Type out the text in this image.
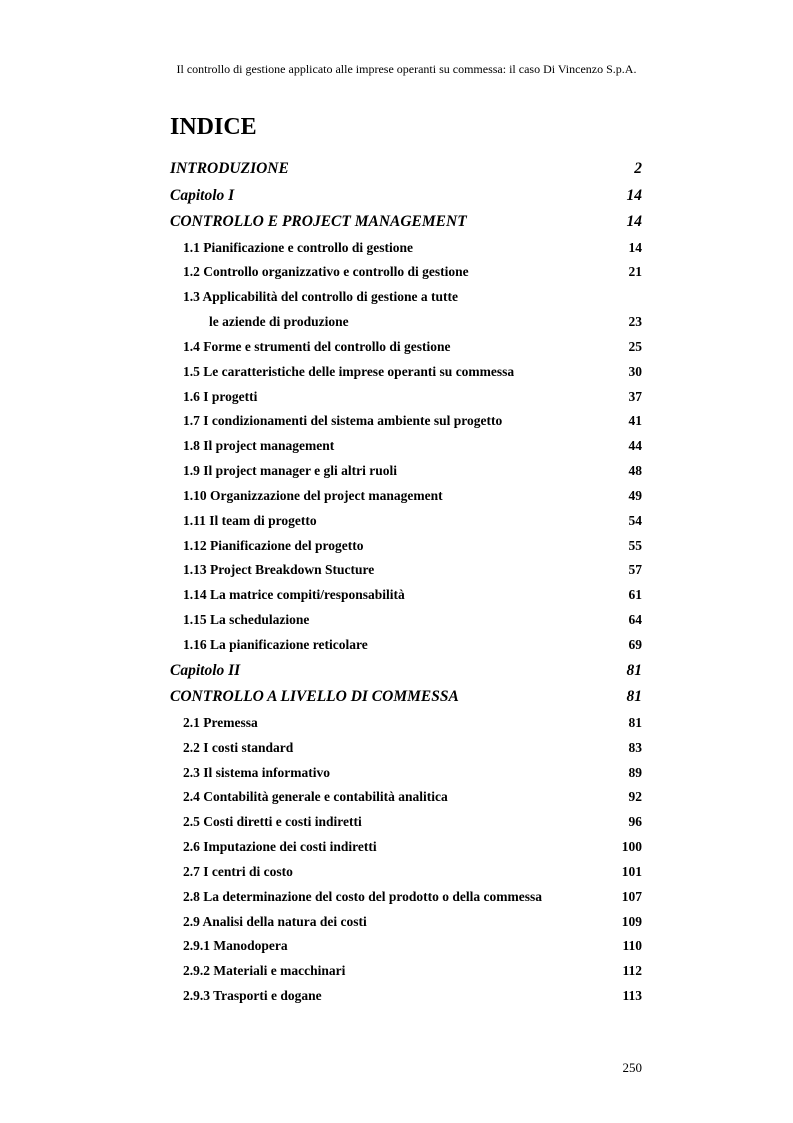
Il controllo di gestione applicato alle imprese operanti su commessa: il caso Di Vincenzo S.p.A.
INDICE
INTRODUZIONE	2
Capitolo I	14
CONTROLLO E PROJECT MANAGEMENT	14
1.1 Pianificazione e controllo di gestione	14
1.2 Controllo organizzativo e controllo di gestione	21
1.3 Applicabilità del controllo di gestione a tutte
le aziende di produzione	23
1.4 Forme e strumenti del controllo di gestione	25
1.5 Le caratteristiche delle imprese operanti su commessa	30
1.6 I progetti	37
1.7 I condizionamenti del sistema ambiente sul progetto	41
1.8 Il project management	44
1.9 Il project manager e gli altri ruoli	48
1.10 Organizzazione del project management	49
1.11 Il team di progetto	54
1.12 Pianificazione del progetto	55
1.13 Project Breakdown Stucture	57
1.14 La matrice compiti/responsabilità	61
1.15 La schedulazione	64
1.16 La pianificazione reticolare	69
Capitolo II	81
CONTROLLO A LIVELLO DI COMMESSA	81
2.1 Premessa	81
2.2 I costi standard	83
2.3 Il sistema informativo	89
2.4 Contabilità generale e contabilità analitica	92
2.5 Costi diretti e costi indiretti	96
2.6 Imputazione dei costi indiretti	100
2.7 I centri di costo	101
2.8 La determinazione del costo del prodotto o della commessa	107
2.9 Analisi della natura dei costi	109
2.9.1 Manodopera	110
2.9.2 Materiali e macchinari	112
2.9.3 Trasporti e dogane	113
250
